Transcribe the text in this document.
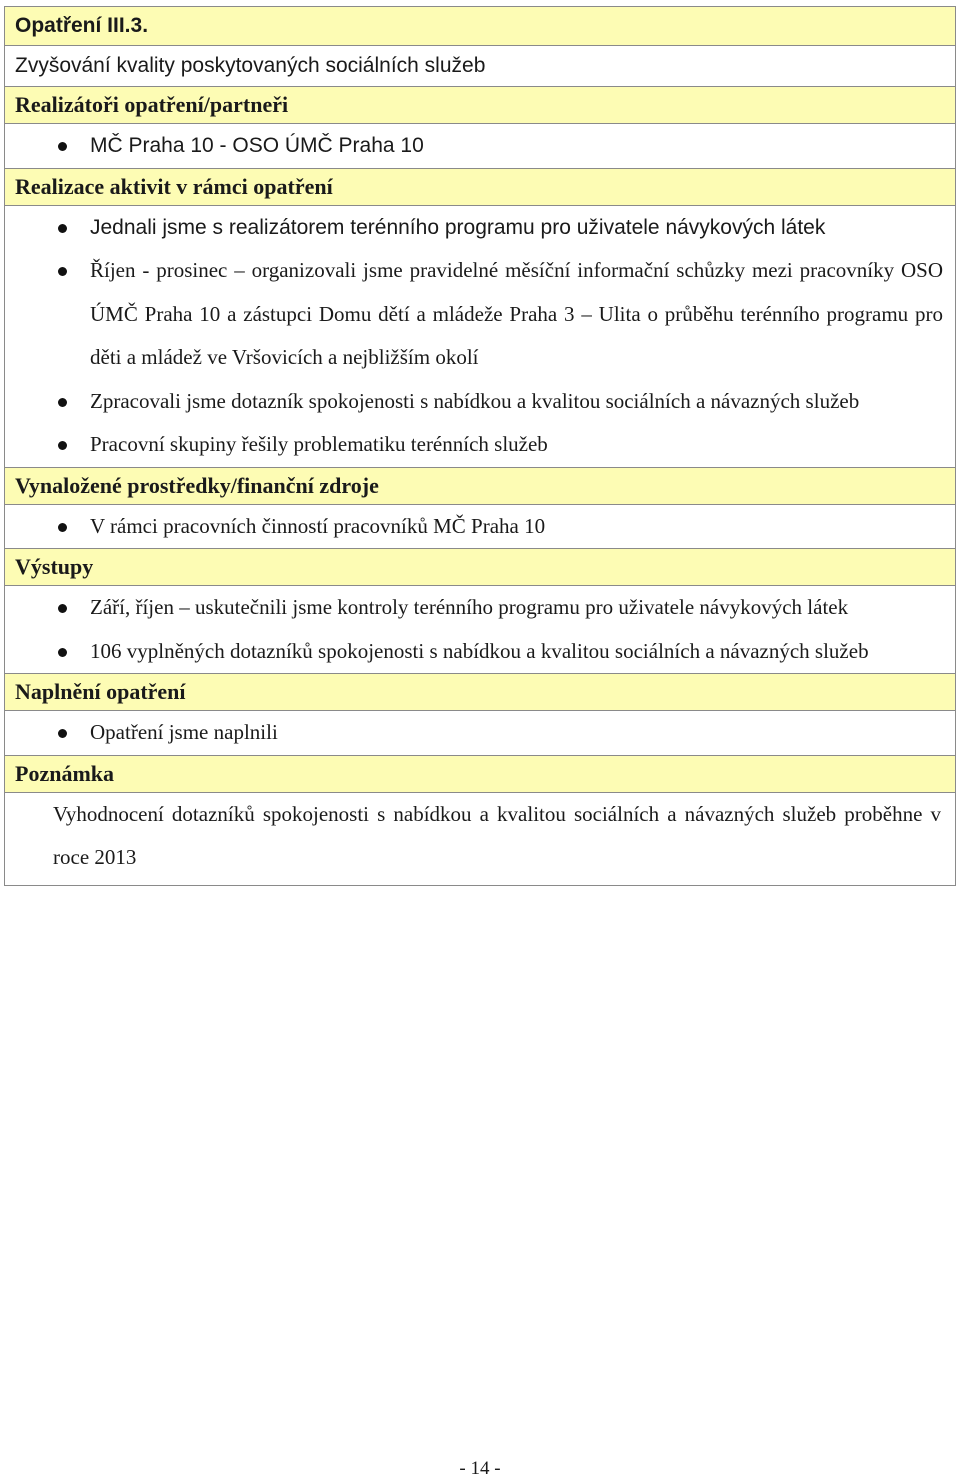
Opatření III.3.
Zvyšování kvality poskytovaných sociálních služeb
Realizátoři opatření/partneři
MČ Praha 10 - OSO ÚMČ Praha 10
Realizace aktivit v rámci opatření
Jednali jsme s realizátorem terénního programu pro uživatele návykových látek
Říjen - prosinec – organizovali jsme pravidelné měsíční informační schůzky mezi pracovníky OSO ÚMČ Praha 10 a zástupci Domu dětí a mládeže Praha 3 – Ulita o průběhu terénního programu pro děti a mládež ve Vršovicích a nejbližším okolí
Zpracovali jsme dotazník spokojenosti s nabídkou a kvalitou sociálních a návazných služeb
Pracovní skupiny řešily problematiku terénních služeb
Vynaložené prostředky/finanční zdroje
V rámci pracovních činností pracovníků MČ Praha 10
Výstupy
Září, říjen – uskutečnili jsme kontroly terénního programu pro uživatele návykových látek
106 vyplněných dotazníků spokojenosti s nabídkou a kvalitou sociálních a návazných služeb
Naplnění opatření
Opatření jsme naplnili
Poznámka
Vyhodnocení dotazníků spokojenosti s nabídkou a kvalitou sociálních a návazných služeb proběhne v roce 2013
- 14 -
